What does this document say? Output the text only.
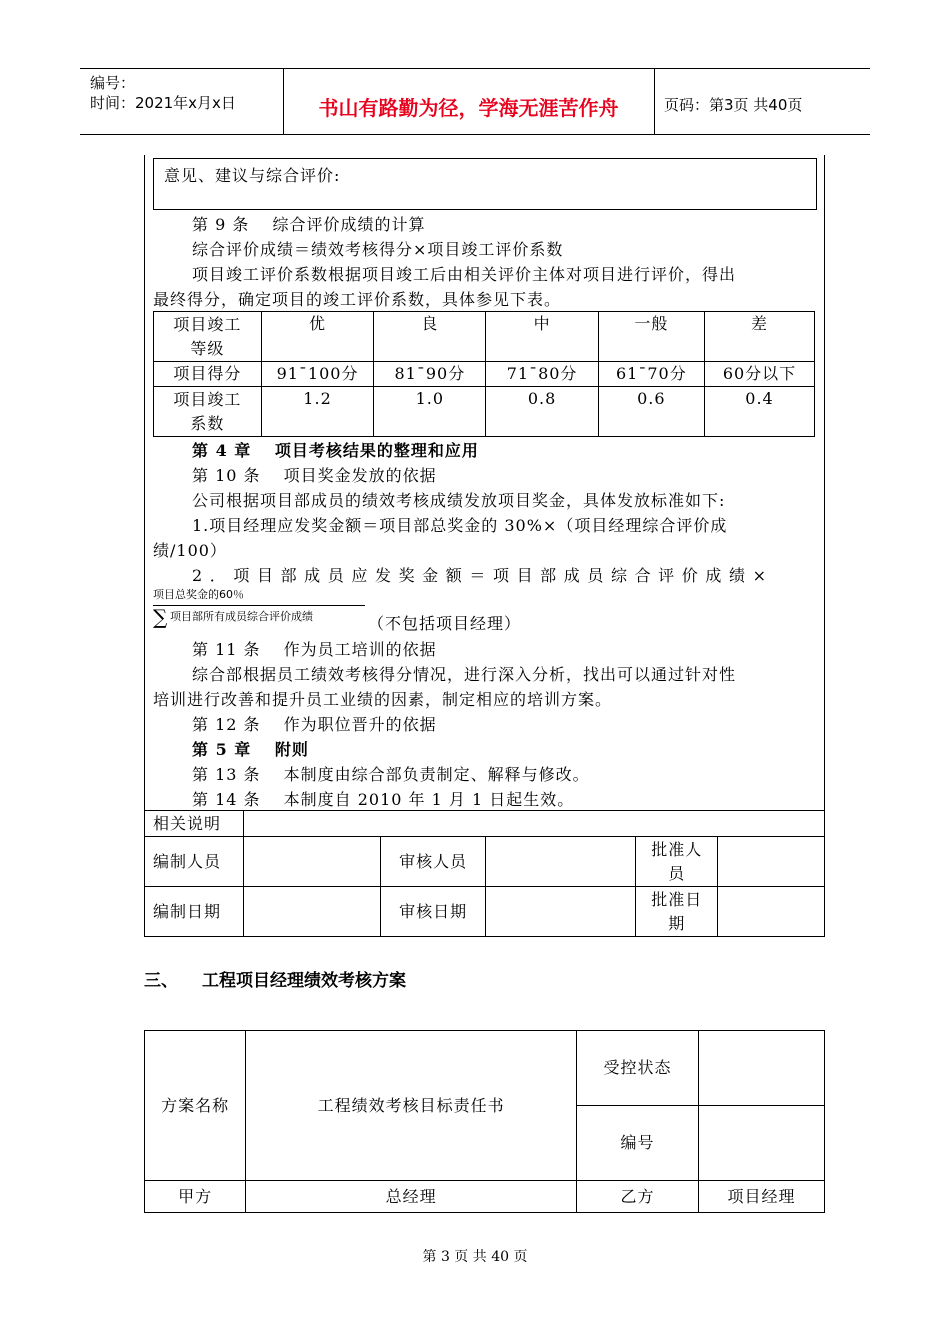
编号：
时间：2021年x月x日	书山有路勤为径，学海无涯苦作舟	页码：第3页 共40页
意见、建议与综合评价:
第 9 条　 综合评价成绩的计算
综合评价成绩＝绩效考核得分×项目竣工评价系数
项目竣工评价系数根据项目竣工后由相关评价主体对项目进行评价，得出
最终得分，确定项目的竣工评价系数，具体参见下表。
项目竣工
等级	优	良	中	一般	差
项目得分	91¯100分	81¯90分	71¯80分	61¯70分	60分以下

项目竣工
系数	1.2	1.0	0.8	0.6	0.4
第 4 章　 项目考核结果的整理和应用
第 10 条　 项目奖金发放的依据
公司根据项目部成员的绩效考核成绩发放项目奖金，具体发放标准如下:
1.项目经理应发奖金额＝项目部总奖金的 30%×（项目经理综合评价成
绩/100）
2．项目部成员应发奖金额＝项目部成员综合评价成绩×
项目总奖金的60％
∑ 项目部所有成员综合评价成绩	（不包括项目经理）
第 11 条　 作为员工培训的依据
综合部根据员工绩效考核得分情况，进行深入分析，找出可以通过针对性
培训进行改善和提升员工业绩的因素，制定相应的培训方案。
第 12 条　 作为职位晋升的依据
第 5 章　 附则
第 13 条　 本制度由综合部负责制定、解释与修改。
第 14 条　 本制度自 2010 年 1 月 1 日起生效。
相关说明					
编制人员		审核人员		批准人员	
编制日期		审核日期		批准日期	
三、 工程项目经理绩效考核方案
方案名称	工程绩效考核目标责任书	受控状态	
		编号	
甲方	总经理	乙方	项目经理
第 3 页 共 40 页
